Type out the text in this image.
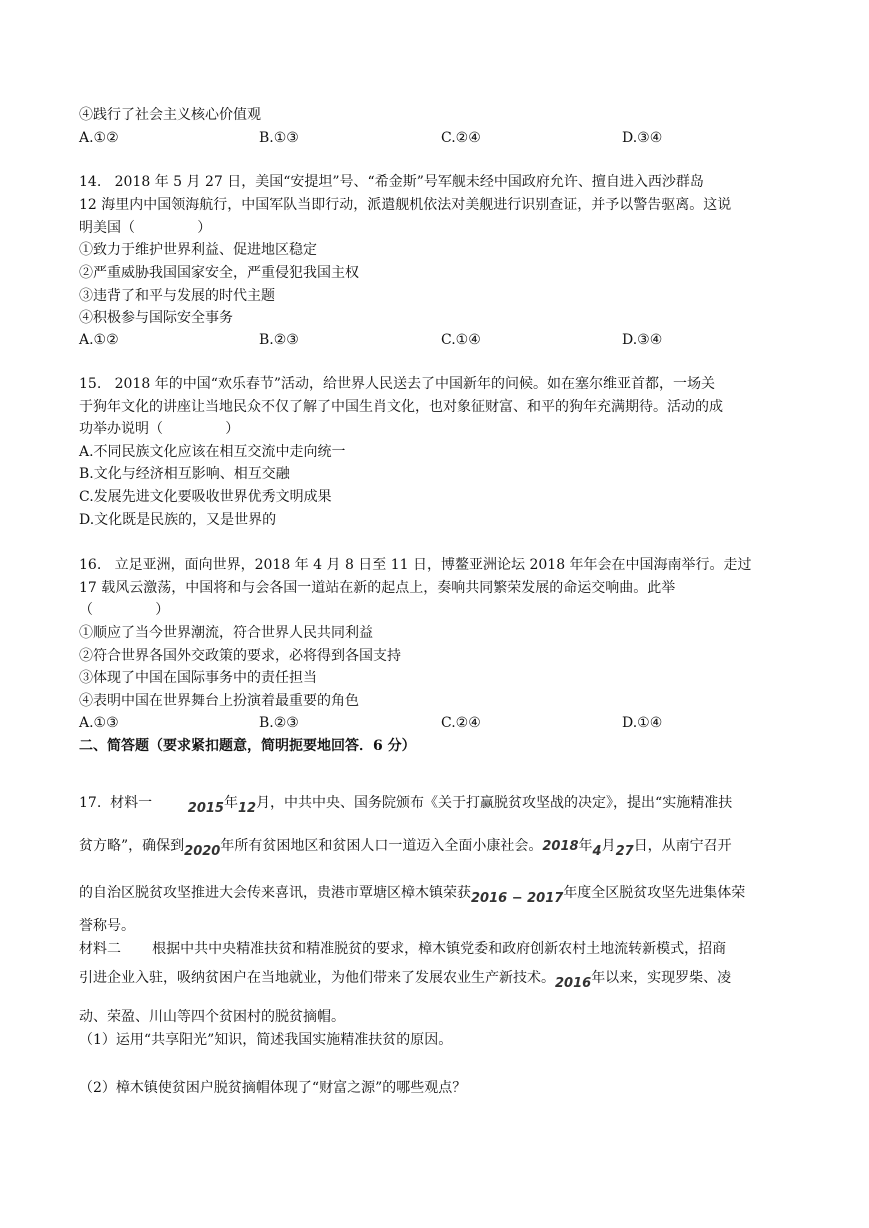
④践行了社会主义核心价值观
A.①②	B.①③	C.②④	D.③④
14.   2018 年 5 月 27 日，美国“安提坦”号、“希金斯”号军舰未经中国政府允许、擅自进入西沙群岛
12 海里内中国领海航行，中国军队当即行动，派遣舰机依法对美舰进行识别查证，并予以警告驱离。这说
明美国（              ）
①致力于维护世界利益、促进地区稳定
②严重威胁我国国家安全，严重侵犯我国主权
③违背了和平与发展的时代主题
④积极参与国际安全事务
A.①②	B.②③	C.①④	D.③④
15.   2018 年的中国“欢乐春节”活动，给世界人民送去了中国新年的问候。如在塞尔维亚首都，一场关
于狗年文化的讲座让当地民众不仅了解了中国生肖文化，也对象征财富、和平的狗年充满期待。活动的成
功举办说明（              ）
A.不同民族文化应该在相互交流中走向统一
B.文化与经济相互影响、相互交融
C.发展先进文化要吸收世界优秀文明成果
D.文化既是民族的，又是世界的
16.   立足亚洲，面向世界，2018 年 4 月 8 日至 11 日，博鳌亚洲论坛 2018 年年会在中国海南举行。走过
17 载风云激荡，中国将和与会各国一道站在新的起点上，奏响共同繁荣发展的命运交响曲。此举
（              ）
①顺应了当今世界潮流，符合世界人民共同利益
②符合世界各国外交政策的要求，必将得到各国支持
③体现了中国在国际事务中的责任担当
④表明中国在世界舞台上扮演着最重要的角色
A.①③	B.②③	C.②④	D.①④
二、简答题（要求紧扣题意，简明扼要地回答．6 分）
17.  材料一        2015年12月，中共中央、国务院颁布《关于打赢脱贫攻坚战的决定》，提出“实施精准扶
贫方略”，确保到2020年所有贫困地区和贫困人口一道迈入全面小康社会。2018年4月27日，从南宁召开
的自治区脱贫攻坚推进大会传来喜讯，贵港市覃塘区樟木镇荣获2016 − 2017年度全区脱贫攻坚先进集体荣
誉称号。
材料二       根据中共中央精准扶贫和精准脱贫的要求，樟木镇党委和政府创新农村土地流转新模式，招商
引进企业入驻，吸纳贫困户在当地就业，为他们带来了发展农业生产新技术。2016年以来，实现罗柴、凌
动、荣盈、川山等四个贫困村的脱贫摘帽。
（1）运用“共享阳光”知识，简述我国实施精准扶贫的原因。
（2）樟木镇使贫困户脱贫摘帽体现了“财富之源”的哪些观点？
